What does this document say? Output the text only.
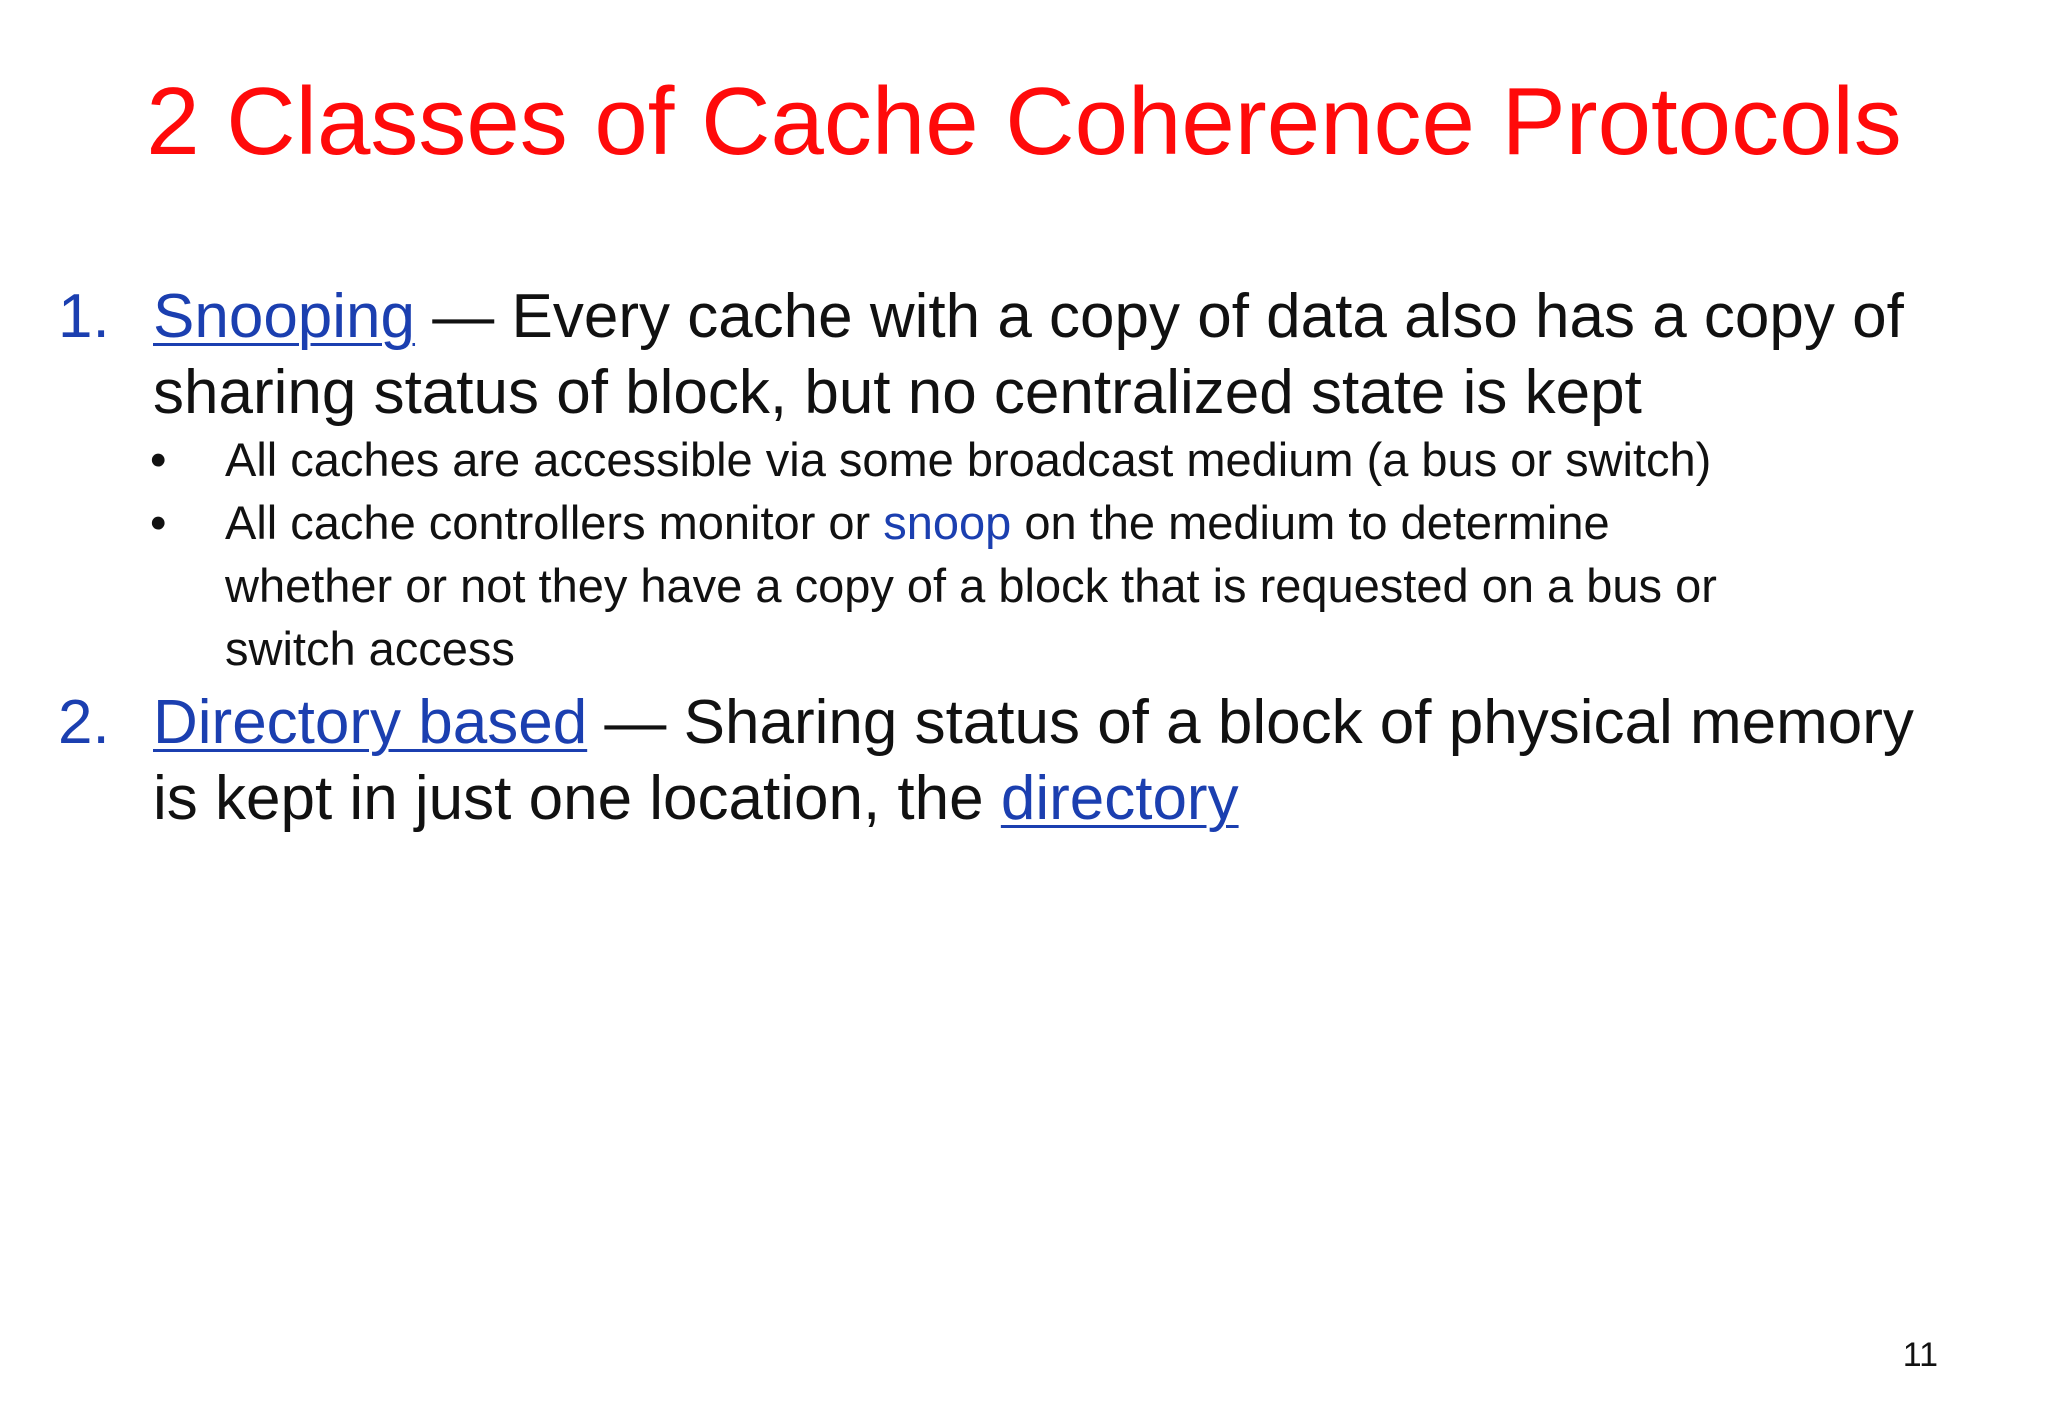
2 Classes of Cache Coherence Protocols
1. Snooping — Every cache with a copy of data also has a copy of
sharing status of block, but no centralized state is kept
• All caches are accessible via some broadcast medium (a bus or switch)
• All cache controllers monitor or snoop on the medium to determine
whether or not they have a copy of a block that is requested on a bus or
switch access
2. Directory based — Sharing status of a block of physical memory
is kept in just one location, the directory
11
